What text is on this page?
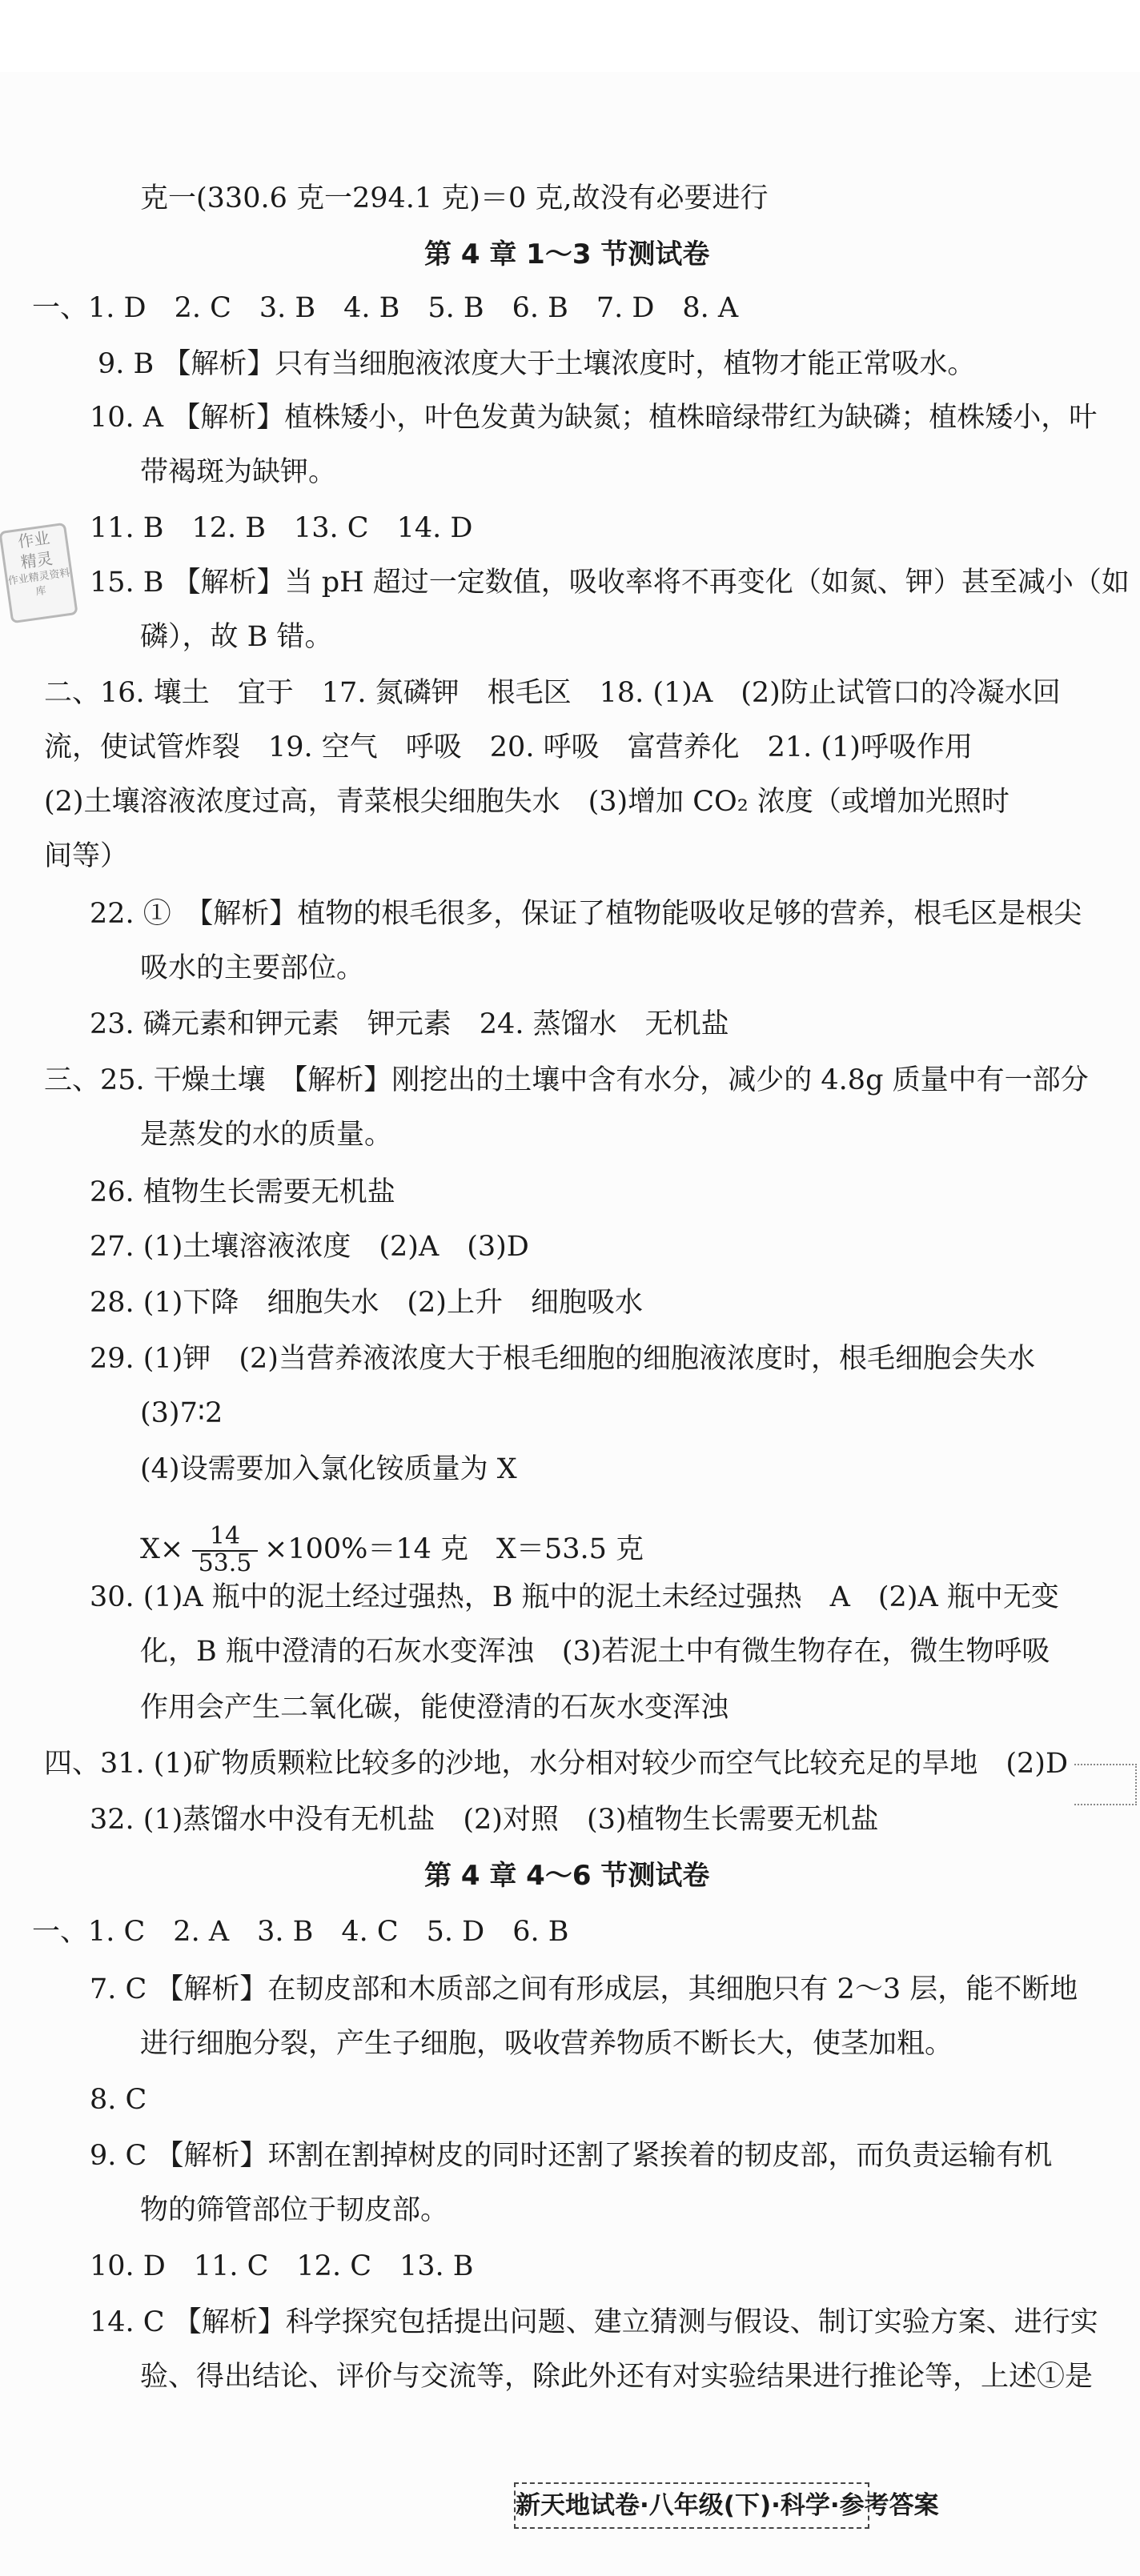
克一(330.6 克一294.1 克)＝0 克,故没有必要进行
第 4 章 1～3 节测试卷
一、1. D　2. C　3. B　4. B　5. B　6. B　7. D　8. A
9. B 【解析】只有当细胞液浓度大于土壤浓度时，植物才能正常吸水。
10. A 【解析】植株矮小，叶色发黄为缺氮；植株暗绿带红为缺磷；植株矮小，叶
带褐斑为缺钾。
11. B　12. B　13. C　14. D
15. B 【解析】当 pH 超过一定数值，吸收率将不再变化（如氮、钾）甚至减小（如
磷），故 B 错。
二、16. 壤土　宜于　17. 氮磷钾　根毛区　18. (1)A　(2)防止试管口的冷凝水回
流，使试管炸裂　19. 空气　呼吸　20. 呼吸　富营养化　21. (1)呼吸作用
(2)土壤溶液浓度过高，青菜根尖细胞失水　(3)增加 CO₂ 浓度（或增加光照时
间等）
22. ①　【解析】植物的根毛很多，保证了植物能吸收足够的营养，根毛区是根尖
吸水的主要部位。
23. 磷元素和钾元素　钾元素　24. 蒸馏水　无机盐
三、25. 干燥土壤　【解析】刚挖出的土壤中含有水分，减少的 4.8g 质量中有一部分
是蒸发的水的质量。
26. 植物生长需要无机盐
27. (1)土壤溶液浓度　(2)A　(3)D
28. (1)下降　细胞失水　(2)上升　细胞吸水
29. (1)钾　(2)当营养液浓度大于根毛细胞的细胞液浓度时，根毛细胞会失水
(3)7∶2
(4)设需要加入氯化铵质量为 X
30. (1)A 瓶中的泥土经过强热，B 瓶中的泥土未经过强热　A　(2)A 瓶中无变
化，B 瓶中澄清的石灰水变浑浊　(3)若泥土中有微生物存在，微生物呼吸
作用会产生二氧化碳，能使澄清的石灰水变浑浊
四、31. (1)矿物质颗粒比较多的沙地，水分相对较少而空气比较充足的旱地　(2)D
32. (1)蒸馏水中没有无机盐　(2)对照　(3)植物生长需要无机盐
第 4 章 4～6 节测试卷
一、1. C　2. A　3. B　4. C　5. D　6. B
7. C 【解析】在韧皮部和木质部之间有形成层，其细胞只有 2～3 层，能不断地
进行细胞分裂，产生子细胞，吸收营养物质不断长大，使茎加粗。
8. C
9. C 【解析】环割在割掉树皮的同时还割了紧挨着的韧皮部，而负责运输有机
物的筛管部位于韧皮部。
10. D　11. C　12. C　13. B
14. C 【解析】科学探究包括提出问题、建立猜测与假设、制订实验方案、进行实
验、得出结论、评价与交流等，除此外还有对实验结果进行推论等，上述①是
X×	14
53.5 ×100%＝14 克　X＝53.5 克
作业
精灵
作业精灵资料库
新天地试卷·八年级(下)·科学·参考答案
